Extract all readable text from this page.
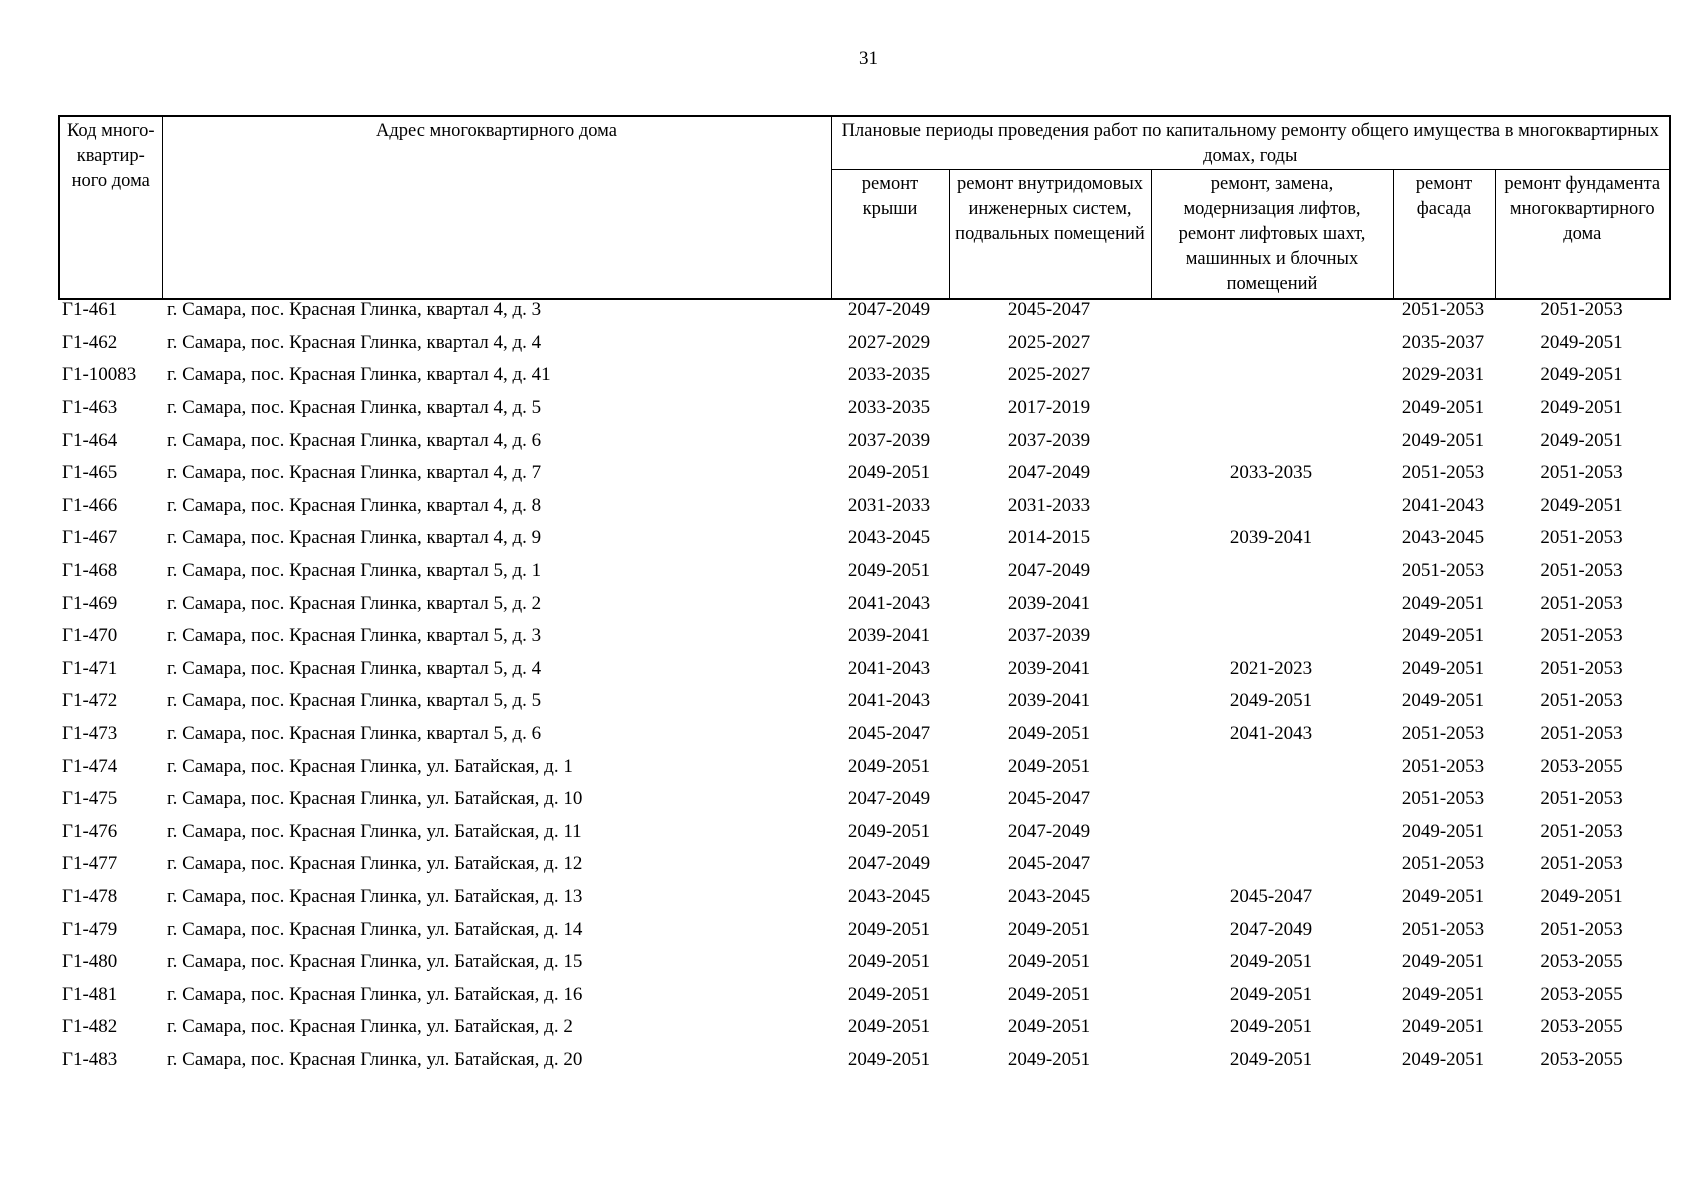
31
Код много-квартир-ного дома	Адрес многоквартирного дома	Плановые периоды проведения работ по капитальному ремонту общего имущества в многоквартирных домах, годы				
		ремонт крыши	ремонт внутридомовых инженерных систем, подвальных помещений	ремонт, замена, модернизация лифтов, ремонт лифтовых шахт, машинных и блочных помещений	ремонт фасада	ремонт фундамента многоквартирного дома
Г1-461	г. Самара, пос. Красная Глинка, квартал 4, д. 3	2047-2049	2045-2047		2051-2053	2051-2053
Г1-462	г. Самара, пос. Красная Глинка, квартал 4, д. 4	2027-2029	2025-2027		2035-2037	2049-2051
Г1-10083	г. Самара, пос. Красная Глинка, квартал 4, д. 41	2033-2035	2025-2027		2029-2031	2049-2051
Г1-463	г. Самара, пос. Красная Глинка, квартал 4, д. 5	2033-2035	2017-2019		2049-2051	2049-2051
Г1-464	г. Самара, пос. Красная Глинка, квартал 4, д. 6	2037-2039	2037-2039		2049-2051	2049-2051
Г1-465	г. Самара, пос. Красная Глинка, квартал 4, д. 7	2049-2051	2047-2049	2033-2035	2051-2053	2051-2053
Г1-466	г. Самара, пос. Красная Глинка, квартал 4, д. 8	2031-2033	2031-2033		2041-2043	2049-2051
Г1-467	г. Самара, пос. Красная Глинка, квартал 4, д. 9	2043-2045	2014-2015	2039-2041	2043-2045	2051-2053
Г1-468	г. Самара, пос. Красная Глинка, квартал 5, д. 1	2049-2051	2047-2049		2051-2053	2051-2053
Г1-469	г. Самара, пос. Красная Глинка, квартал 5, д. 2	2041-2043	2039-2041		2049-2051	2051-2053
Г1-470	г. Самара, пос. Красная Глинка, квартал 5, д. 3	2039-2041	2037-2039		2049-2051	2051-2053
Г1-471	г. Самара, пос. Красная Глинка, квартал 5, д. 4	2041-2043	2039-2041	2021-2023	2049-2051	2051-2053
Г1-472	г. Самара, пос. Красная Глинка, квартал 5, д. 5	2041-2043	2039-2041	2049-2051	2049-2051	2051-2053
Г1-473	г. Самара, пос. Красная Глинка, квартал 5, д. 6	2045-2047	2049-2051	2041-2043	2051-2053	2051-2053
Г1-474	г. Самара, пос. Красная Глинка, ул. Батайская, д. 1	2049-2051	2049-2051		2051-2053	2053-2055
Г1-475	г. Самара, пос. Красная Глинка, ул. Батайская, д. 10	2047-2049	2045-2047		2051-2053	2051-2053
Г1-476	г. Самара, пос. Красная Глинка, ул. Батайская, д. 11	2049-2051	2047-2049		2049-2051	2051-2053
Г1-477	г. Самара, пос. Красная Глинка, ул. Батайская, д. 12	2047-2049	2045-2047		2051-2053	2051-2053
Г1-478	г. Самара, пос. Красная Глинка, ул. Батайская, д. 13	2043-2045	2043-2045	2045-2047	2049-2051	2049-2051
Г1-479	г. Самара, пос. Красная Глинка, ул. Батайская, д. 14	2049-2051	2049-2051	2047-2049	2051-2053	2051-2053
Г1-480	г. Самара, пос. Красная Глинка, ул. Батайская, д. 15	2049-2051	2049-2051	2049-2051	2049-2051	2053-2055
Г1-481	г. Самара, пос. Красная Глинка, ул. Батайская, д. 16	2049-2051	2049-2051	2049-2051	2049-2051	2053-2055
Г1-482	г. Самара, пос. Красная Глинка, ул. Батайская, д. 2	2049-2051	2049-2051	2049-2051	2049-2051	2053-2055
Г1-483	г. Самара, пос. Красная Глинка, ул. Батайская, д. 20	2049-2051	2049-2051	2049-2051	2049-2051	2053-2055
